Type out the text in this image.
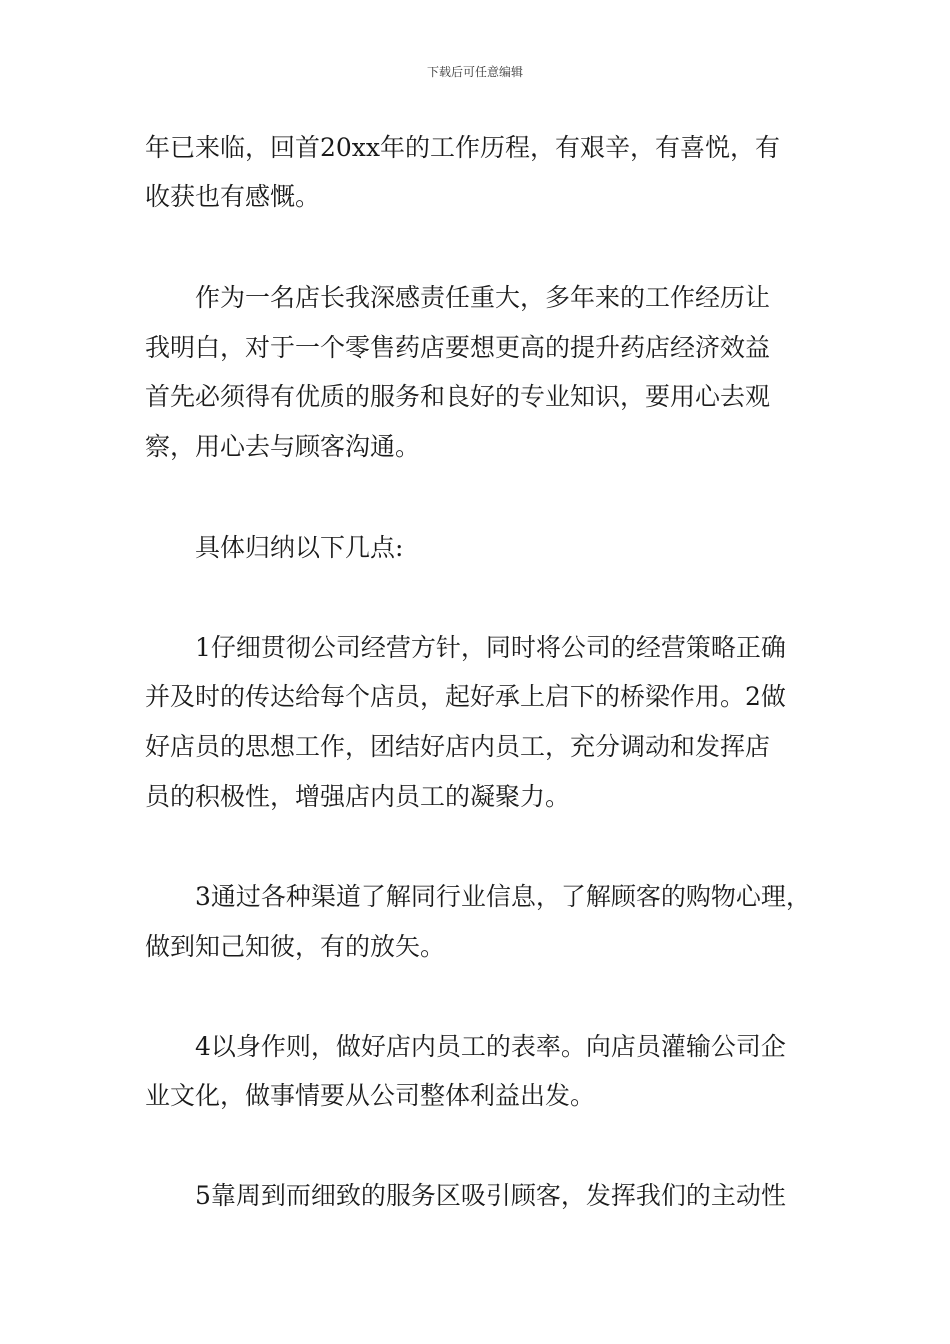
下载后可任意编辑
年已来临，回首20xx年的工作历程，有艰辛，有喜悦，有
收获也有感慨。
作为一名店长我深感责任重大，多年来的工作经历让
我明白，对于一个零售药店要想更高的提升药店经济效益
首先必须得有优质的服务和良好的专业知识，要用心去观
察，用心去与顾客沟通。
具体归纳以下几点:
1仔细贯彻公司经营方针，同时将公司的经营策略正确
并及时的传达给每个店员，起好承上启下的桥梁作用。2做
好店员的思想工作，团结好店内员工，充分调动和发挥店
员的积极性，增强店内员工的凝聚力。
3通过各种渠道了解同行业信息，了解顾客的购物心理，
做到知己知彼，有的放矢。
4以身作则，做好店内员工的表率。向店员灌输公司企
业文化，做事情要从公司整体利益出发。
5靠周到而细致的服务区吸引顾客，发挥我们的主动性
